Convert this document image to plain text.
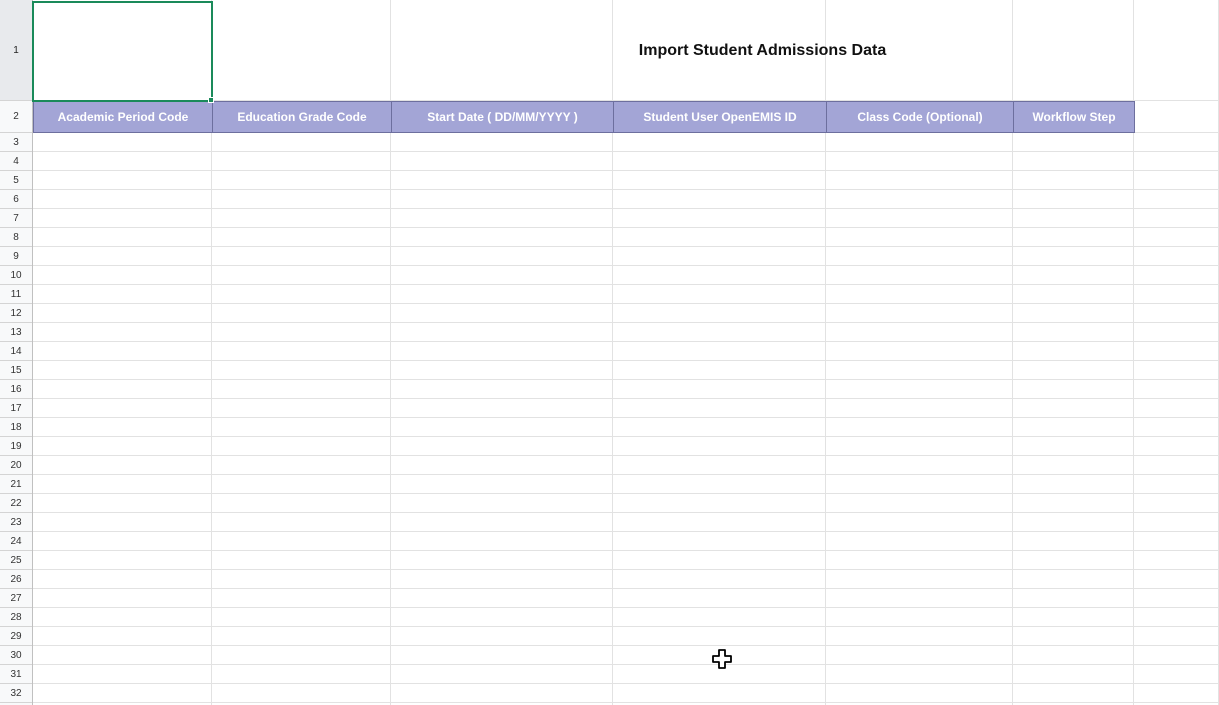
1
2
3
4
5
6
7
8
9
10
11
12
13
14
15
16
17
18
19
20
21
22
23
24
25
26
27
28
29
30
31
32
Import Student Admissions Data
Academic Period Code	Education Grade Code	Start Date ( DD/MM/YYYY )	Student User OpenEMIS ID	Class Code (Optional)	Workflow Step
